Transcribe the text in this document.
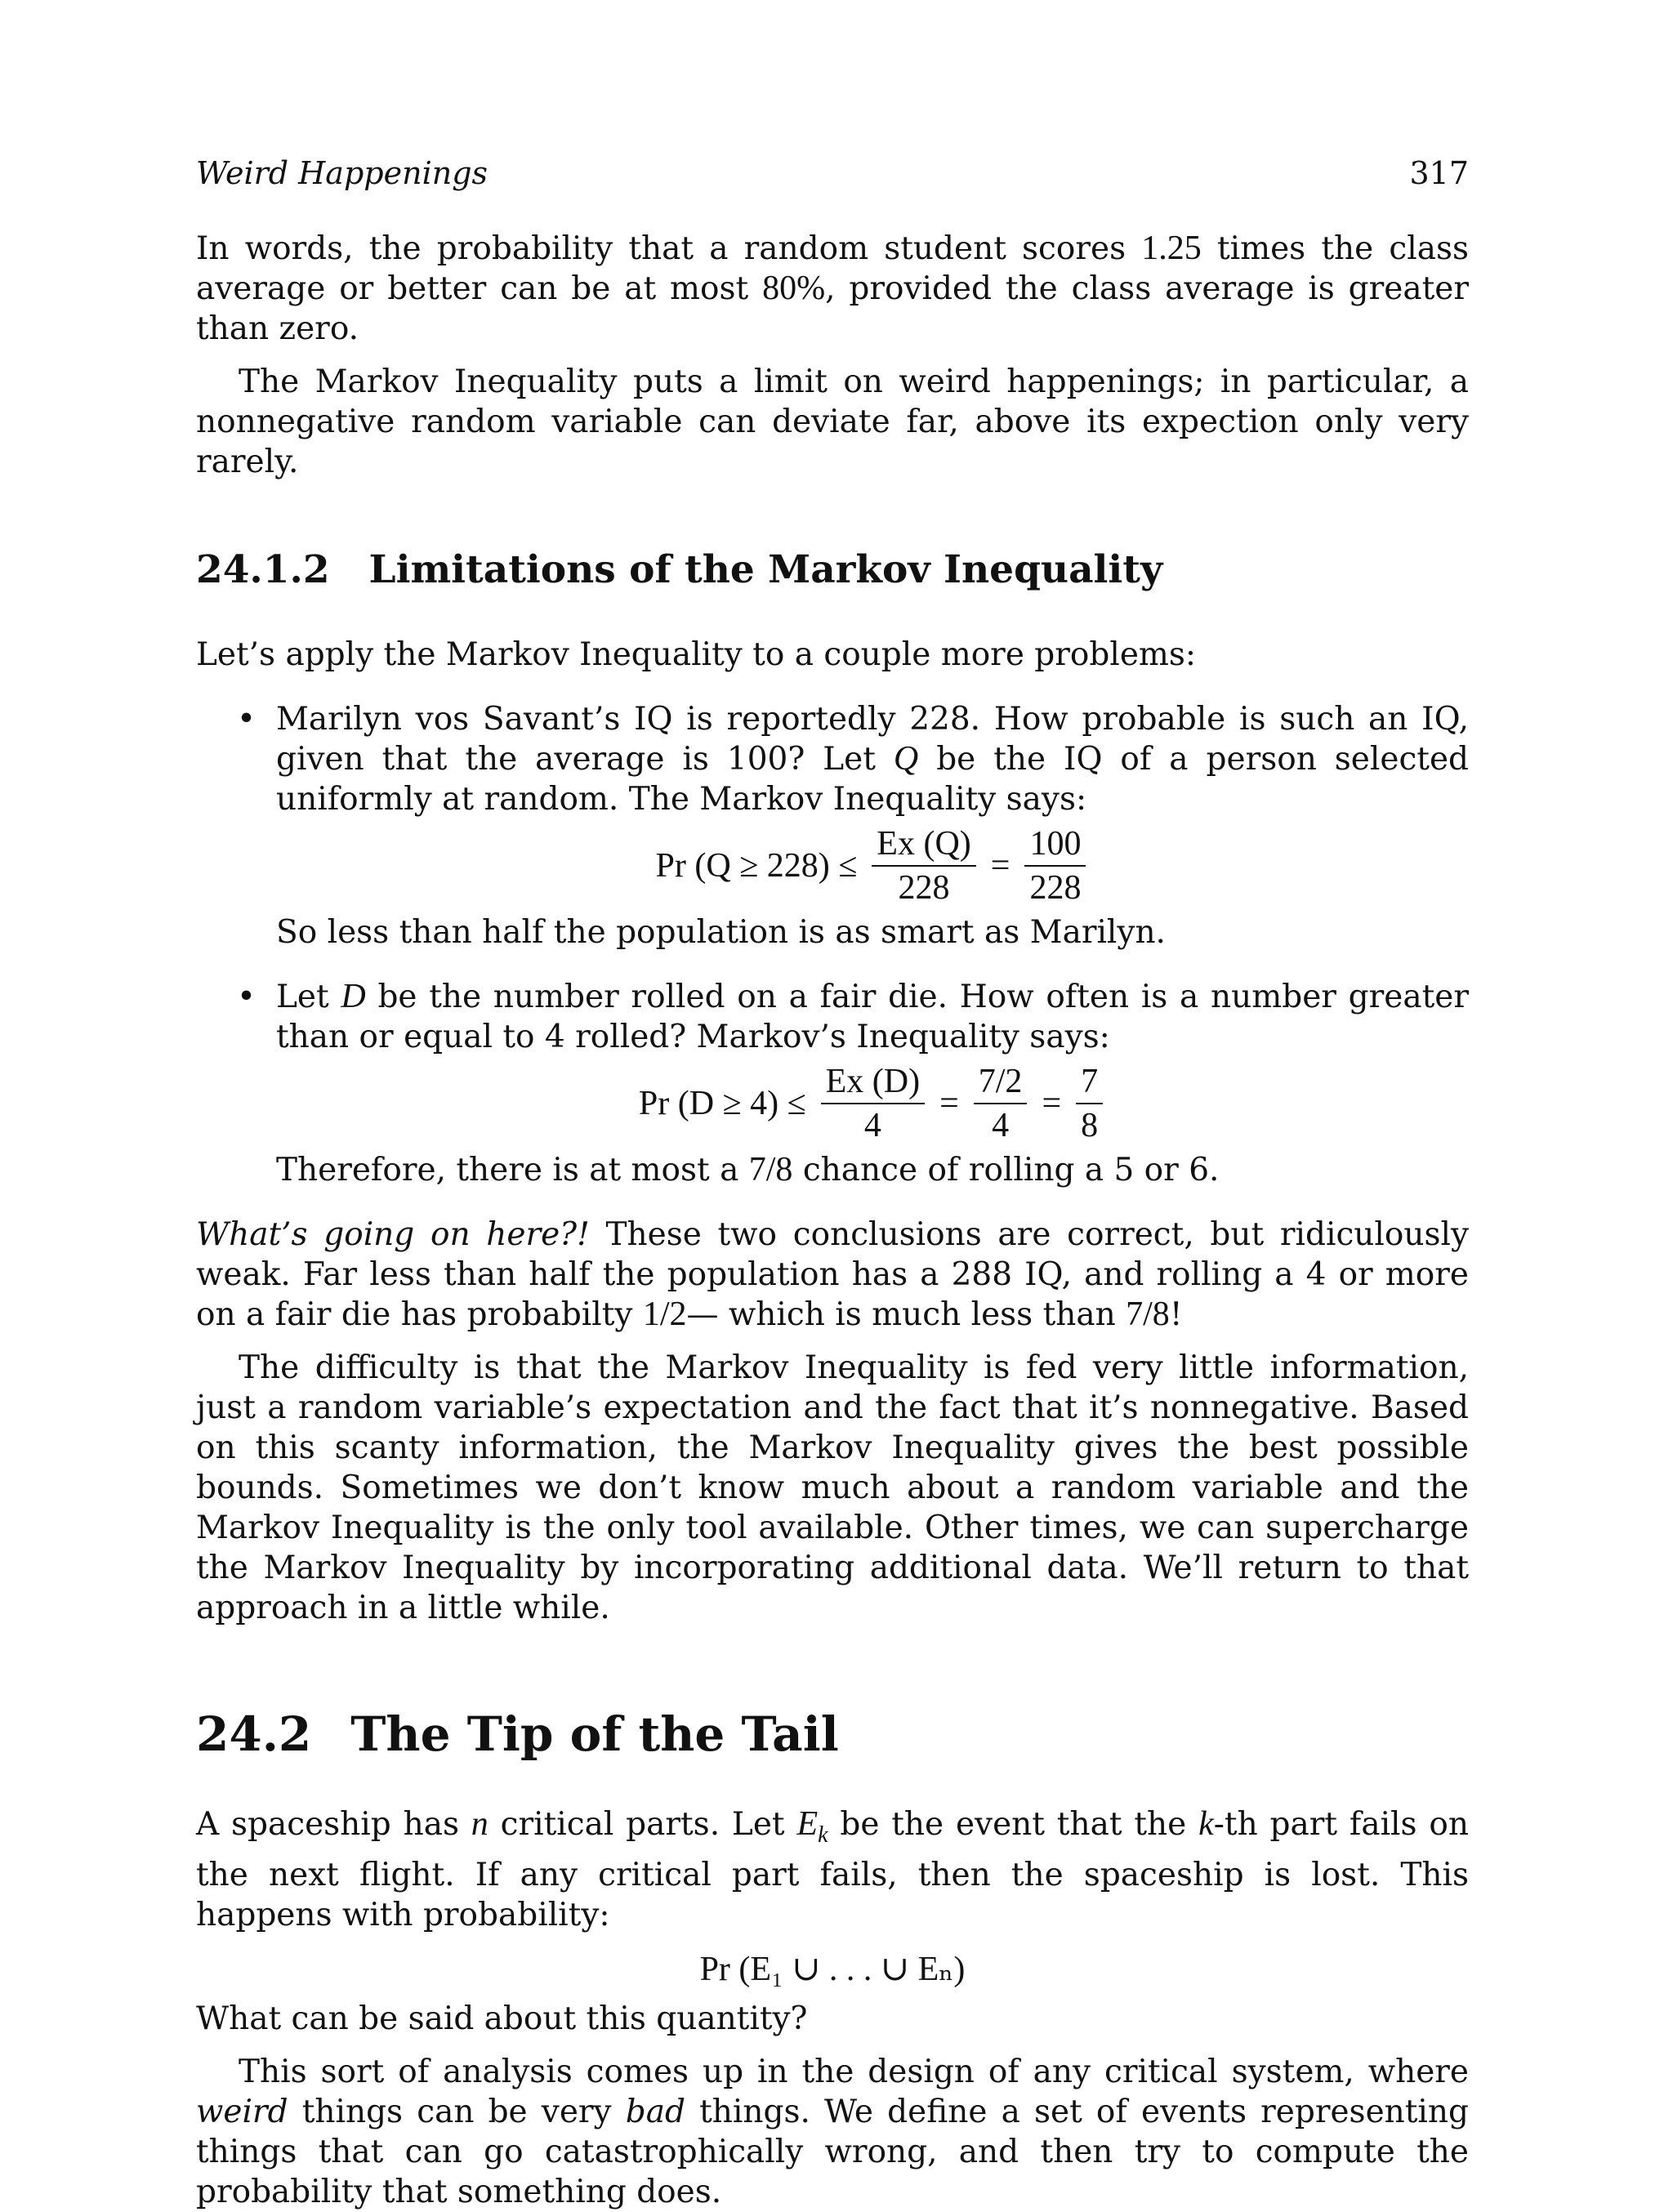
Weird Happenings	317

In words, the probability that a random student scores 1.25 times the class average or better can be at most 80%, provided the class average is greater than zero.

The Markov Inequality puts a limit on weird happenings; in particular, a nonnegative random variable can deviate far, above its expection only very rarely.

24.1.2 Limitations of the Markov Inequality

Let’s apply the Markov Inequality to a couple more problems:

• Marilyn vos Savant’s IQ is reportedly 228. How probable is such an IQ, given that the average is 100? Let Q be the IQ of a person selected uniformly at random. The Markov Inequality says:

Pr $(Q \ge 228) \le \frac{Ex (Q)}{228} = \frac{100}{228}$

So less than half the population is as smart as Marilyn.

• Let D be the number rolled on a fair die. How often is a number greater than or equal to 4 rolled? Markov’s Inequality says:

Pr $(D \ge 4) \le \frac{Ex (D)}{4} = \frac{7/2}{4} = \frac{7}{8}$

Therefore, there is at most a 7/8 chance of rolling a 5 or 6.

What’s going on here?! These two conclusions are correct, but ridiculously weak. Far less than half the population has a 288 IQ, and rolling a 4 or more on a fair die has probabilty 1/2— which is much less than 7/8!

The difficulty is that the Markov Inequality is fed very little information, just a random variable’s expectation and the fact that it’s nonnegative. Based on this scanty information, the Markov Inequality gives the best possible bounds. Sometimes we don’t know much about a random variable and the Markov Inequality is the only tool available. Other times, we can supercharge the Markov Inequality by incorporating additional data. We’ll return to that approach in a little while.

24.2 The Tip of the Tail

A spaceship has n critical parts. Let $E_k$ be the event that the k-th part fails on the next flight. If any critical part fails, then the spaceship is lost. This happens with probability:

Pr (E₁ ∪ . . . ∪ Eₙ)

What can be said about this quantity?

This sort of analysis comes up in the design of any critical system, where weird things can be very bad things. We define a set of events representing things that can go catastrophically wrong, and then try to compute the probability that something does.
